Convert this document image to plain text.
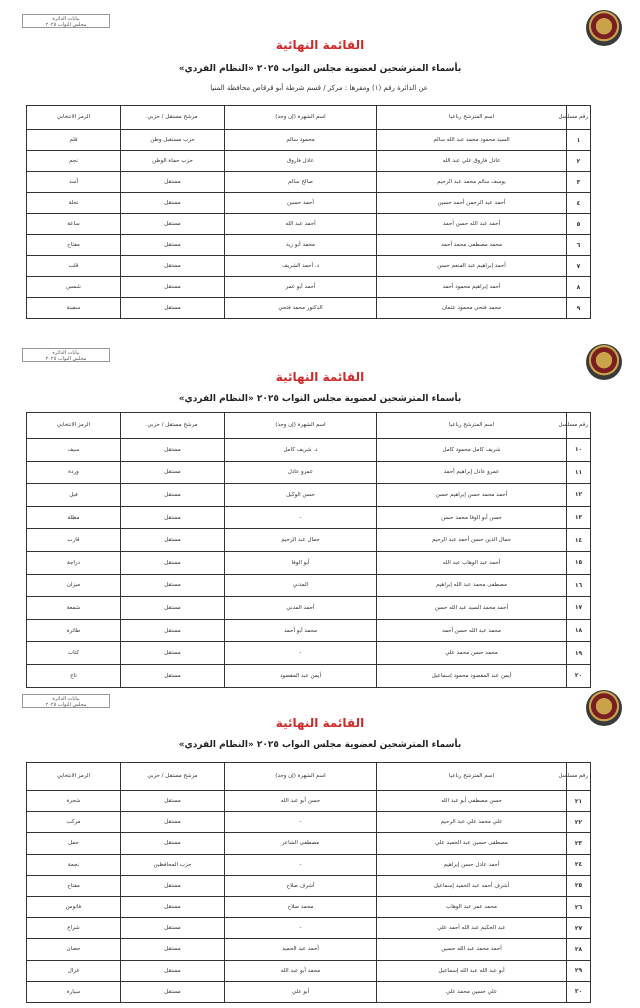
بيانات الدائرة
مجلس النواب ٢٠٢٥
القائمة النهائية
بأسماء المترشحين لعضوية مجلس النواب ٢٠٢٥ «النظام الفردي»
عن الدائرة رقم (١) ومقرها : مركز / قسم شرطة أبو قرقاص محافظة المنيا
رقم مسلسل	اسم المترشح رباعيا	اسم الشهرة (إن وجد)	مرشح مستقل / حزبي	الرمز الانتخابي
١	السيد محمود محمد عبد الله سالم	محمود سالم	حزب مستقبل وطن	قلم
٢	عادل فاروق علي عبد الله	عادل فاروق	حزب حماة الوطن	نجم
٣	يوسف سالم محمد عبد الرحيم	صالح سالم	مستقل	أسد
٤	أحمد عبد الرحمن أحمد حسين	أحمد حسين	مستقل	نخلة
٥	أحمد عبد الله حسن أحمد	أحمد عبد الله	مستقل	ساعة
٦	محمد مصطفى محمد أحمد	محمد أبو زيد	مستقل	مفتاح
٧	أحمد إبراهيم عبد المنعم حسن	د. أحمد الشريف	مستقل	قلب
٨	أحمد إبراهيم محمود أحمد	أحمد أبو عمر	مستقل	شمس
٩	محمد فتحي محمود عثمان	الدكتور محمد فتحي	مستقل	سفينة
بيانات الدائرة
مجلس النواب ٢٠٢٥
القائمة النهائية
بأسماء المترشحين لعضوية مجلس النواب ٢٠٢٥ «النظام الفردي»
رقم مسلسل	اسم المترشح رباعيا	اسم الشهرة (إن وجد)	مرشح مستقل / حزبي	الرمز الانتخابي
١٠	شريف كامل محمود كامل	د. شريف كامل	مستقل	سيف
١١	عمرو عادل إبراهيم أحمد	عمرو عادل	مستقل	وردة
١٢	أحمد محمد حسن إبراهيم حسن	حسن الوكيل	مستقل	فيل
١٣	حسن أبو الوفا محمد حسن	-	مستقل	مظلة
١٤	جمال الدين حسن أحمد عبد الرحيم	جمال عبد الرحيم	مستقل	قارب
١٥	أحمد عبد الوهاب عبد الله	أبو الوفا	مستقل	دراجة
١٦	مصطفى محمد عبد الله إبراهيم	المدني	مستقل	ميزان
١٧	أحمد محمد السيد عبد الله حسن	أحمد المدني	مستقل	شمعة
١٨	محمد عبد الله حسن أحمد	محمد أبو أحمد	مستقل	طائرة
١٩	محمد حسن محمد علي	-	مستقل	كتاب
٢٠	أيمن عبد المقصود محمود إسماعيل	أيمن عبد المقصود	مستقل	تاج
بيانات الدائرة
مجلس النواب ٢٠٢٥
القائمة النهائية
بأسماء المترشحين لعضوية مجلس النواب ٢٠٢٥ «النظام الفردي»
رقم مسلسل	اسم المترشح رباعيا	اسم الشهرة (إن وجد)	مرشح مستقل / حزبي	الرمز الانتخابي
٢١	حسن مصطفى أبو عبد الله	حسن أبو عبد الله	مستقل	شجرة
٢٢	علي محمد علي عبد الرحيم	-	مستقل	مركب
٢٣	مصطفى حسين عبد الحميد علي	مصطفى الشاعر	مستقل	جمل
٢٤	أحمد عادل حسن إبراهيم	-	حزب المحافظين	نجمة
٢٥	أشرف أحمد عبد الحميد إسماعيل	أشرف صلاح	مستقل	مفتاح
٢٦	محمد عمر عبد الوهاب	محمد صلاح	مستقل	فانوس
٢٧	عبد الحكيم عبد الله أحمد علي	-	مستقل	شراع
٢٨	أحمد محمد عبد الله حسين	أحمد عبد الحميد	مستقل	حصان
٢٩	أبو عبد الله عبد الله إسماعيل	محمد أبو عبد الله	مستقل	غزال
٣٠	علي حسين محمد علي	أبو علي	مستقل	سيارة
